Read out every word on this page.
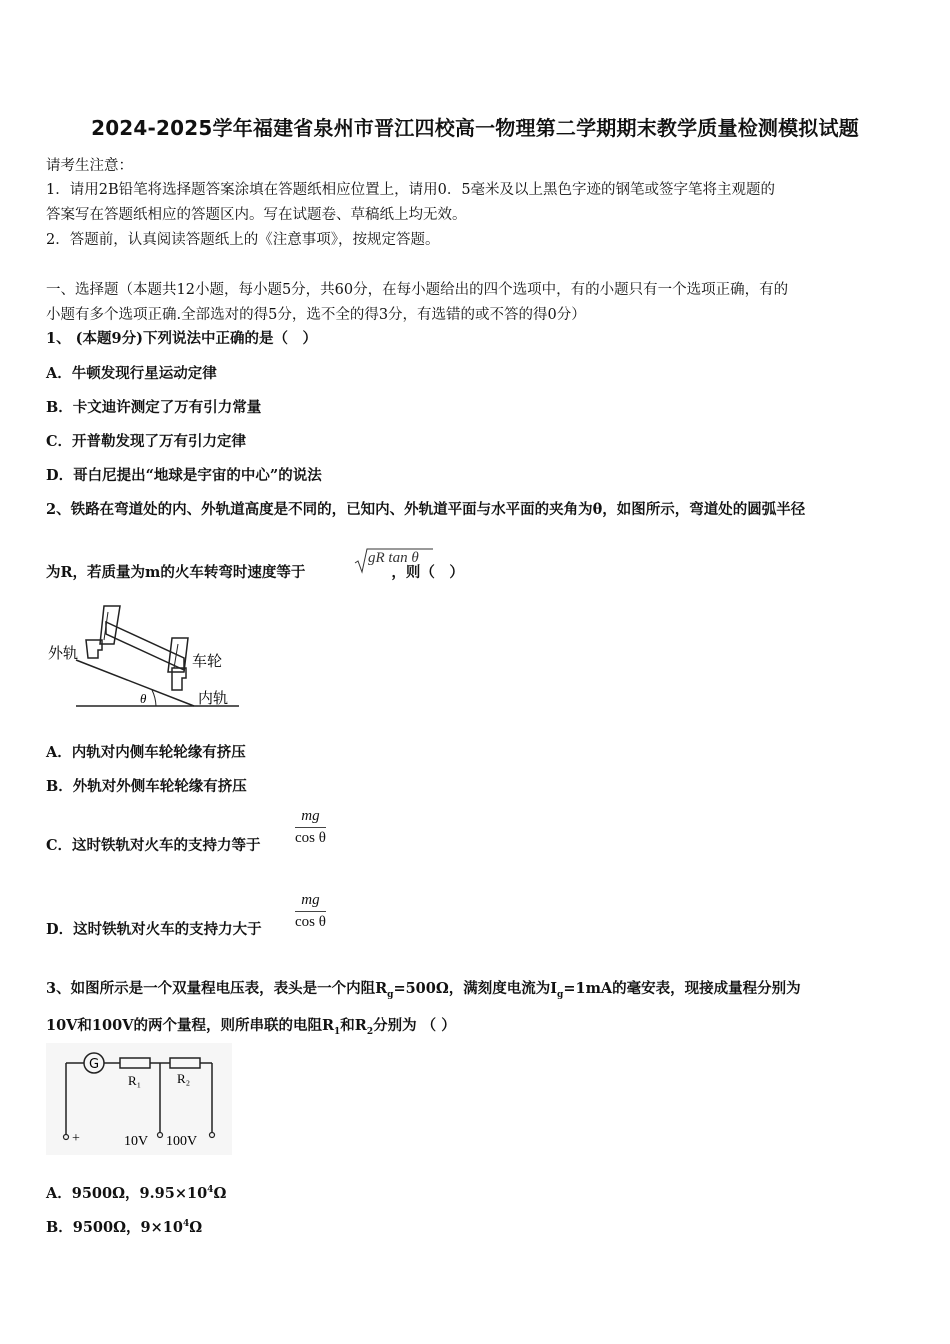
2024-2025学年福建省泉州市晋江四校高一物理第二学期期末教学质量检测模拟试题
请考生注意：
1．请用2B铅笔将选择题答案涂填在答题纸相应位置上，请用0．5毫米及以上黑色字迹的钢笔或签字笔将主观题的
答案写在答题纸相应的答题区内。写在试题卷、草稿纸上均无效。
2．答题前，认真阅读答题纸上的《注意事项》，按规定答题。
一、选择题（本题共12小题，每小题5分，共60分，在每小题给出的四个选项中，有的小题只有一个选项正确，有的
小题有多个选项正确.全部选对的得5分，选不全的得3分，有选错的或不答的得0分）
1、 (本题9分)下列说法中正确的是（　）
A．牛顿发现行星运动定律
B．卡文迪许测定了万有引力常量
C．开普勒发现了万有引力定律
D．哥白尼提出“地球是宇宙的中心”的说法
2、铁路在弯道处的内、外轨道高度是不同的，已知内、外轨道平面与水平面的夹角为θ，如图所示，弯道处的圆弧半径
为R，若质量为m的火车转弯时速度等于	，则（　）
gR tan θ
外轨	车轮
内轨
θ
A．内轨对内侧车轮轮缘有挤压
B．外轨对外侧车轮轮缘有挤压
C．这时铁轨对火车的支持力等于
mg
cos θ
D．这时铁轨对火车的支持力大于
mg
cos θ
3、如图所示是一个双量程电压表，表头是一个内阻$R_g=500\Omega$，满刻度电流为$I_g=1mA$的毫安表，现接成量程分别为
10V和100V的两个量程，则所串联的电阻$R_1$和$R_2$分别为 （ ）
G
R₁	R₂
+	10V 100V
A．9500Ω，$9.95\times 10^4\Omega$
B．9500Ω，$9\times 10^4\Omega$
